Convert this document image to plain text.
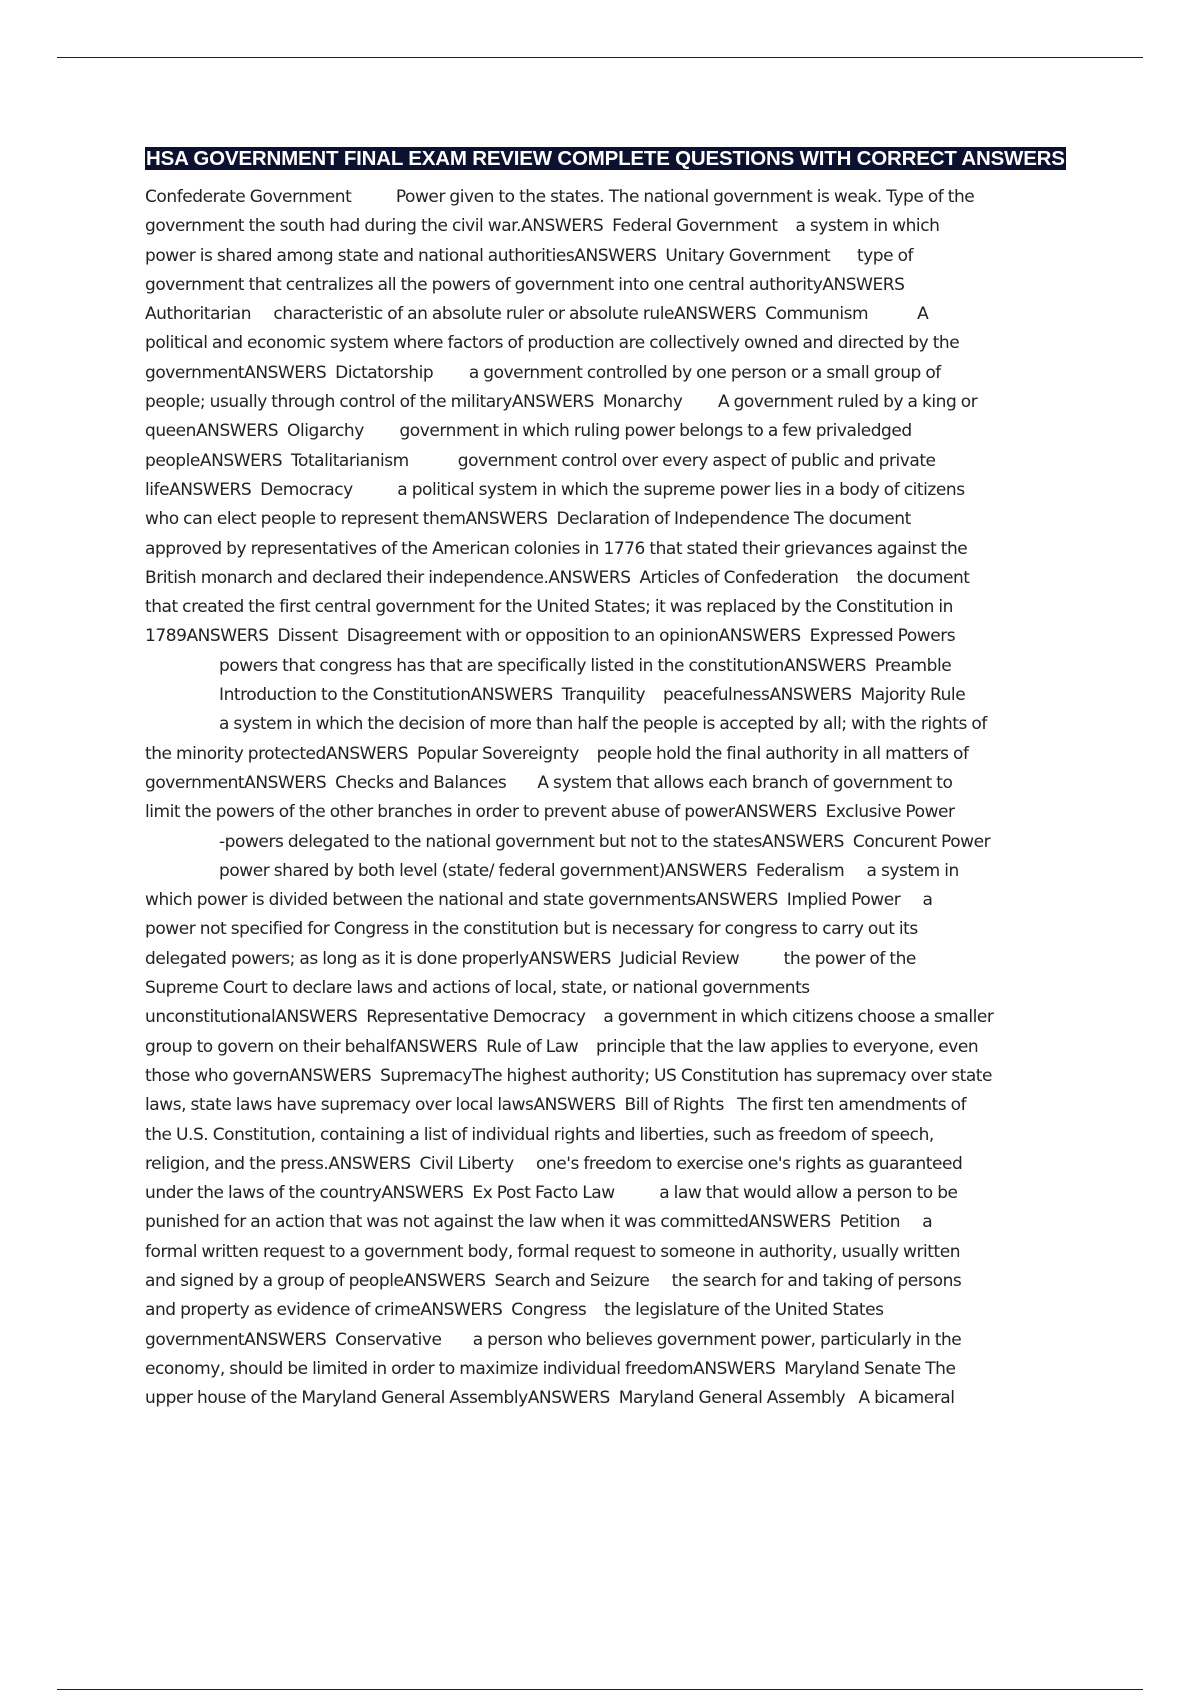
HSA GOVERNMENT FINAL EXAM REVIEW COMPLETE QUESTIONS WITH CORRECT ANSWERS

Confederate Government          Power given to the states. The national government is weak. Type of the
government the south had during the civil war.ANSWERS  Federal Government    a system in which
power is shared among state and national authoritiesANSWERS  Unitary Government      type of
government that centralizes all the powers of government into one central authorityANSWERS
Authoritarian     characteristic of an absolute ruler or absolute ruleANSWERS  Communism           A
political and economic system where factors of production are collectively owned and directed by the
governmentANSWERS  Dictatorship        a government controlled by one person or a small group of
people; usually through control of the militaryANSWERS  Monarchy        A government ruled by a king or
queenANSWERS  Oligarchy        government in which ruling power belongs to a few privaledged
peopleANSWERS  Totalitarianism           government control over every aspect of public and private
lifeANSWERS  Democracy          a political system in which the supreme power lies in a body of citizens
who can elect people to represent themANSWERS  Declaration of Independence The document
approved by representatives of the American colonies in 1776 that stated their grievances against the
British monarch and declared their independence.ANSWERS  Articles of Confederation    the document
that created the first central government for the United States; it was replaced by the Constitution in
1789ANSWERS  Dissent  Disagreement with or opposition to an opinionANSWERS  Expressed Powers
powers that congress has that are specifically listed in the constitutionANSWERS  Preamble
Introduction to the ConstitutionANSWERS  Tranquility    peacefulnessANSWERS  Majority Rule
a system in which the decision of more than half the people is accepted by all; with the rights of
the minority protectedANSWERS  Popular Sovereignty    people hold the final authority in all matters of
governmentANSWERS  Checks and Balances       A system that allows each branch of government to
limit the powers of the other branches in order to prevent abuse of powerANSWERS  Exclusive Power
-powers delegated to the national government but not to the statesANSWERS  Concurent Power
power shared by both level (state/ federal government)ANSWERS  Federalism     a system in
which power is divided between the national and state governmentsANSWERS  Implied Power     a
power not specified for Congress in the constitution but is necessary for congress to carry out its
delegated powers; as long as it is done properlyANSWERS  Judicial Review          the power of the
Supreme Court to declare laws and actions of local, state, or national governments
unconstitutionalANSWERS  Representative Democracy    a government in which citizens choose a smaller
group to govern on their behalfANSWERS  Rule of Law    principle that the law applies to everyone, even
those who governANSWERS  SupremacyThe highest authority; US Constitution has supremacy over state
laws, state laws have supremacy over local lawsANSWERS  Bill of Rights   The first ten amendments of
the U.S. Constitution, containing a list of individual rights and liberties, such as freedom of speech,
religion, and the press.ANSWERS  Civil Liberty     one's freedom to exercise one's rights as guaranteed
under the laws of the countryANSWERS  Ex Post Facto Law          a law that would allow a person to be
punished for an action that was not against the law when it was committedANSWERS  Petition     a
formal written request to a government body, formal request to someone in authority, usually written
and signed by a group of peopleANSWERS  Search and Seizure     the search for and taking of persons
and property as evidence of crimeANSWERS  Congress    the legislature of the United States
governmentANSWERS  Conservative       a person who believes government power, particularly in the
economy, should be limited in order to maximize individual freedomANSWERS  Maryland Senate The
upper house of the Maryland General AssemblyANSWERS  Maryland General Assembly   A bicameral
